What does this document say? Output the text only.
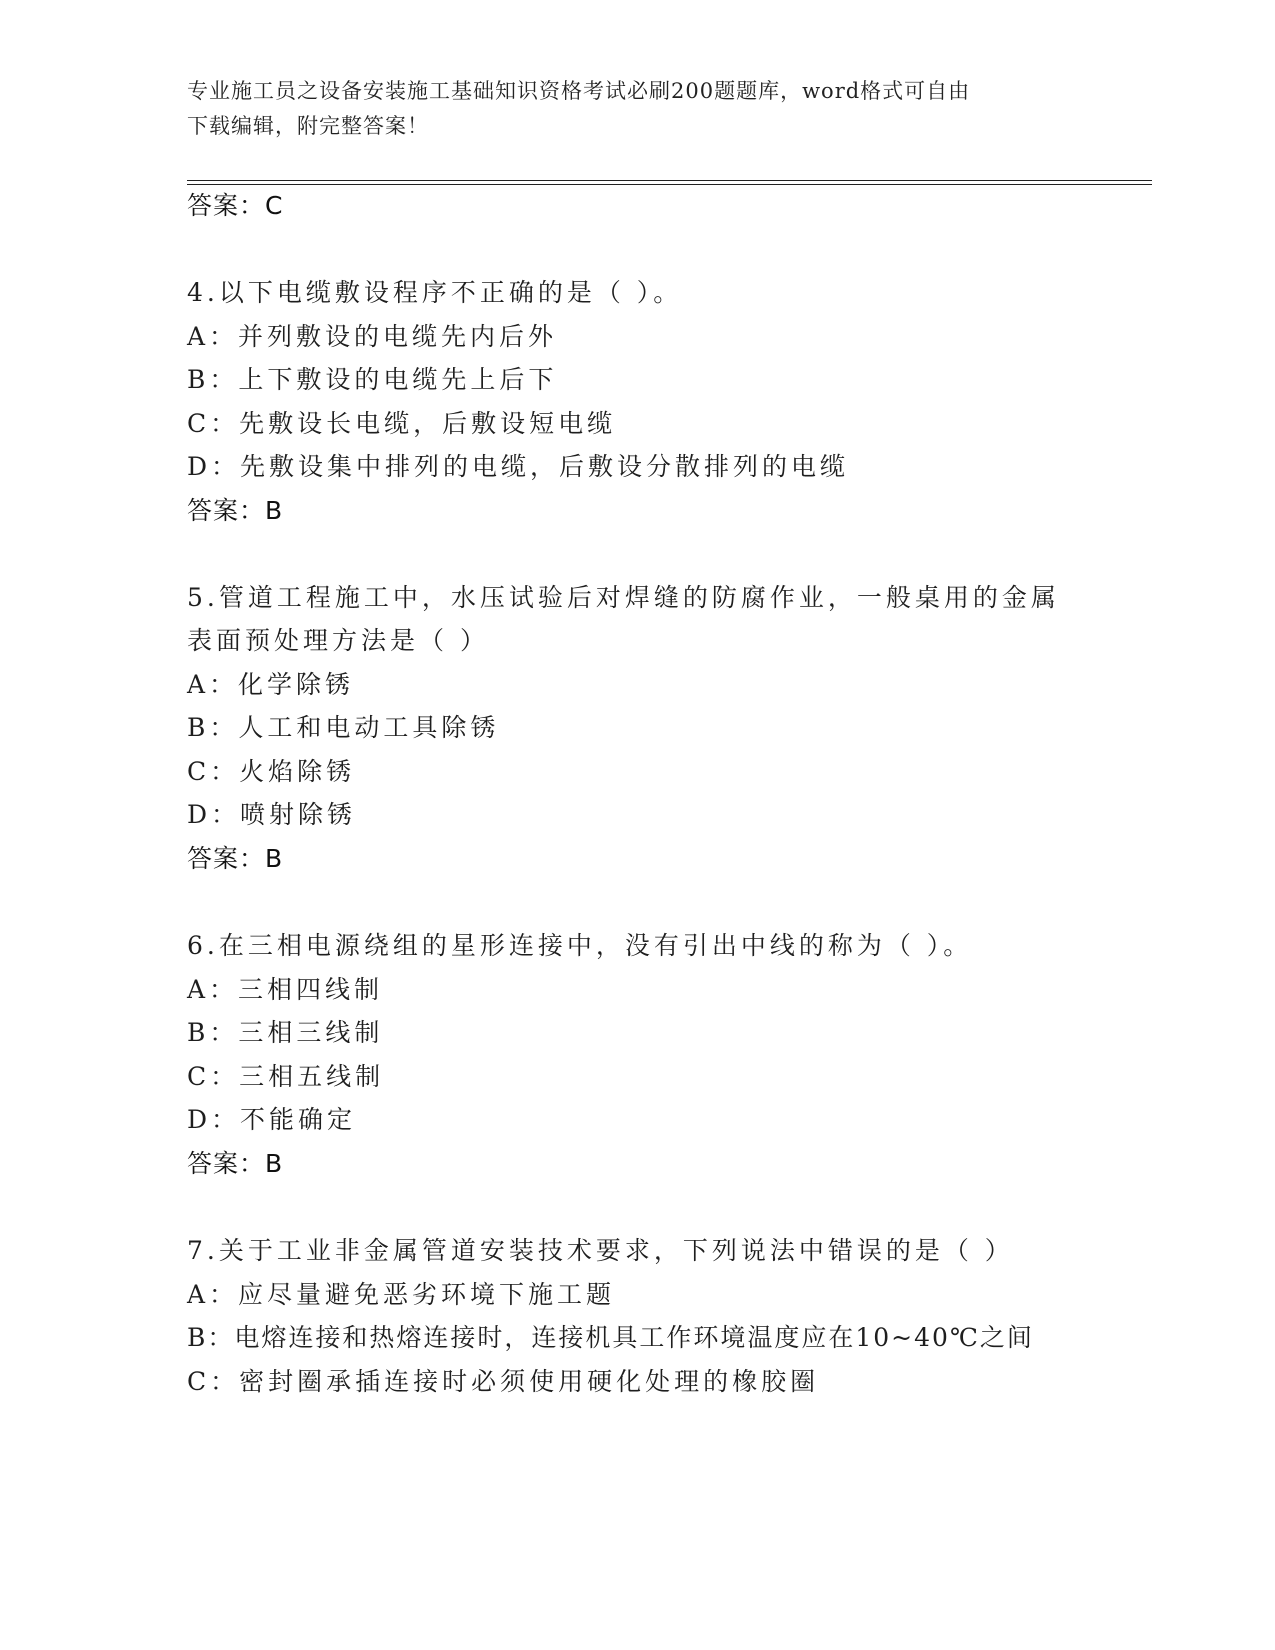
专业施工员之设备安装施工基础知识资格考试必刷200题题库，word格式可自由
下载编辑，附完整答案！
答案：C
4.以下电缆敷设程序不正确的是（ ）。
A：并列敷设的电缆先内后外
B：上下敷设的电缆先上后下
C：先敷设长电缆，后敷设短电缆
D：先敷设集中排列的电缆，后敷设分散排列的电缆
答案：B
5.管道工程施工中，水压试验后对焊缝的防腐作业，一般桌用的金属
表面预处理方法是（ ）
A：化学除锈
B：人工和电动工具除锈
C：火焰除锈
D：喷射除锈
答案：B
6.在三相电源绕组的星形连接中，没有引出中线的称为（ ）。
A：三相四线制
B：三相三线制
C：三相五线制
D：不能确定
答案：B
7.关于工业非金属管道安装技术要求，下列说法中错误的是（ ）
A：应尽量避免恶劣环境下施工题
B：电熔连接和热熔连接时，连接机具工作环境温度应在10~40℃之间
C：密封圈承插连接时必须使用硬化处理的橡胶圈
